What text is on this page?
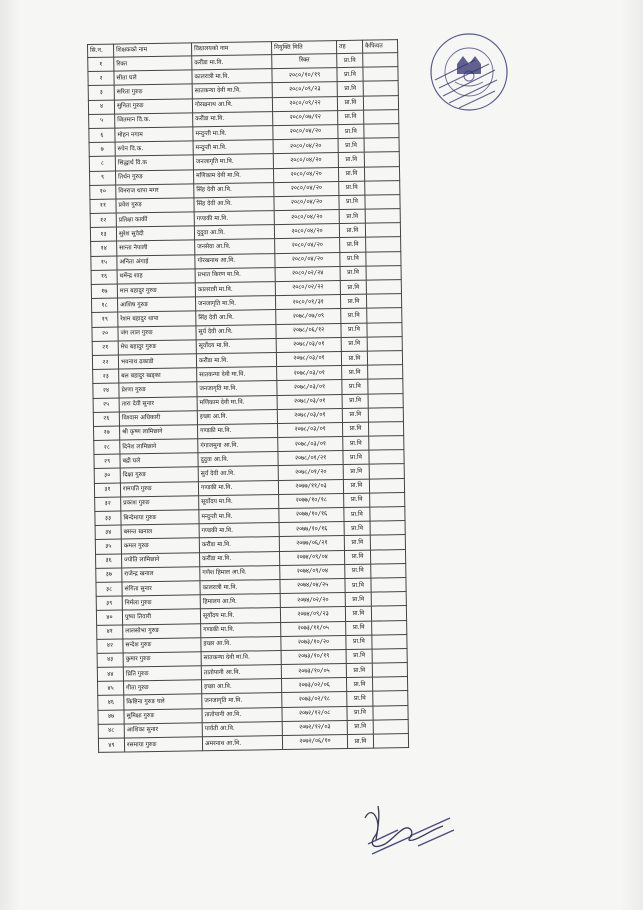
सि.न.	शिक्षकको नाम	विद्यालयको नाम	नियुक्ति मिति	तह	कैफियत
१	रिक्त	करौंडा मा.वि.	रिक्त	प्रा.वि	
२	सीता घले	कालरात्री मा.वि.	२०८०/१०/१९	प्रा.वि	
३	सरिता गुरुङ	सातकन्या देवी मा.वि.	२०८०/०९/२३	प्रा.वि	
४	सुनिता गुरुङ	गोरखनाथ आ.वि.	२०८०/०९/२२	प्रा.वि	
५	जितमान वि.क.	करौंडा मा.वि.	२०८०/०७/१२	प्रा.वि	
६	मोहन नगाम	मन्दुन्ती मा.वि.	२०८०/०४/२०	प्रा.वि	
७	रुपेन वि.क.	मन्दुन्ती मा.वि.	२०८०/०४/२०	प्रा.वि	
८	सिद्धार्थ वि.क	जनजागृति मा.वि.	२०८०/०४/२०	प्रा.वि	
९	तिर्थन गुरुङ	मणिकाम देवी मा.वि.	२०८०/०४/२०	प्रा.वि	
१०	विनराज थापा मगर	सिंह देवी आ.वि.	२०८०/०४/२०	प्रा.वि	
११	प्रवेश गुरुङ	सिंह देवी आ.वि.	२०८०/०४/२०	प्रा.वि	
१२	प्रतिक्षा कार्की	गण्डकी मा.वि.	२०८०/०४/२०	प्रा.वि	
१३	सुरेश सुवेदी	दुदुवा आ.वि.	२०८०/०४/२०	प्रा.वि	
१४	सान्ता नेपाली	जनसेवा आ.वि.	२०८०/०४/२०	प्रा.वि	
१५	अनिता अंगाई	गोरखनाथ आ.वि.	२०८०/०४/२०	प्रा.वि	
१६	धर्मेन्द्र शाह	प्रभात किरण मा.वि.	२०८०/०२/२४	प्रा.वि	
१७	मान बहादुर गुरुङ	कालरात्री मा.वि.	२०८०/०२/२२	प्रा.वि	
१८	आशिष गुरुङ	जनजागृति मा.वि.	२०८०/०१/३१	प्रा.वि	
१९	रेशम बहादुर थापा	सिंह देवी आ.वि.	२०७८/०७/०९	प्रा.वि	
२०	जंग लाल गुरुङ	सुर्य देवी आ.वि.	२०७८/०६/१२	प्रा.वि	
२१	मेघ बहादुर गुरुङ	सूर्योदय मा.वि.	२०७८/०३/०१	प्रा.वि	
२२	भवनाथ ढकाडी	करौंडा मा.वि.	२०७८/०३/०१	प्रा.वि	
२३	बल बहादुर खड्का	सातकन्या देवी मा.वि.	२०७८/०३/०१	प्रा.वि	
२४	प्रेरणा गुरुङ	जनजागृति मा.वि.	२०७८/०३/०१	प्रा.वि	
२५	तारा देवी सुनार	मणिकाम देवी मा.वि.	२०७८/०३/०१	प्रा.वि	
२६	विश्वास अधिकारी	इच्छा आ.वि.	२०७८/०३/०१	प्रा.वि	
२७	श्री कृष्ण लामिछाने	गण्डकी मा.वि.	२०७८/०३/०१	प्रा.वि	
२८	दिनेश लामिछाने	गंगाजमुना आ.वि.	२०७८/०३/०१	प्रा.वि	
२९	बद्री घले	दुदुवा आ.वि.	२०७८/०१/२१	प्रा.वि	
३०	दिक्षा गुरुङ	सुर्य देवी आ.वि.	२०७८/०१/२०	प्रा.वि	
३१	रामपति गुरुङ	गण्डकी मा.वि.	२०७७/११/०३	प्रा.वि	
३२	प्रकाश गुरुङ	सूर्योदय मा.वि.	२०७७/१०/१८	प्रा.वि	
३३	बिन्देमाया गुरुङ	मन्दुन्ती मा.वि.	२०७७/१०/१६	प्रा.वि	
३४	बसन्त खनाल	गण्डकी मा.वि.	२०७७/१०/१६	प्रा.वि	
३५	कमल गुरुङ	करौंडा मा.वि.	२०७७/०६/२१	प्रा.वि	
३६	ज्योति लामिछाने	करौंडा मा.वि.	२०७४/०९/०४	प्रा.वि	
३७	राजेन्द्र खनाल	गणेश हिमाल आ.वि.	२०७४/०९/०४	प्रा.वि	
३८	संगिता सुनार	कालरात्री मा.वि.	२०७४/०४/२५	प्रा.वि	
३९	निर्मला गुरुङ	हिमालय आ.वि.	२०७४/०२/२०	प्रा.वि	
४०	पुष्पा तिवारी	सूर्योदय मा.वि.	२०७४/०९/२३	प्रा.वि	
४१	लालसोभा गुरुङ	गण्डकी मा.वि.	२०७३/११/०५	प्रा.वि	
४२	सन्देश गुरुङ	इच्छा आ.वि.	२०७३/१०/२०	प्रा.वि	
४३	कुमार गुरुङ	सातकन्या देवी मा.वि.	२०७३/१०/१९	प्रा.वि	
४४	प्रिति गुरुङ	तातोपानी आ.वि.	२०७३/१०/०५	प्रा.वि	
४५	गीता गुरुङ	इच्छा आ.वि.	२०७३/०२/०६	प्रा.वि	
४६	किष्टिना गुरुङ घले	जनजागृति मा.वि.	२०७३/०२/१८	प्रा.वि	
४७	सुमिक्षा गुरुङ	तातोपानी आ.वि.	२०७२/१२/०८	प्रा.वि	
४८	आशिका सुनार	पार्वती आ.वि.	२०७२/१२/०३	प्रा.वि	
४९	रसमाया गुरुङ	अमरनाथ आ.वि.	२०७२/०६/१०	प्रा.वि	
